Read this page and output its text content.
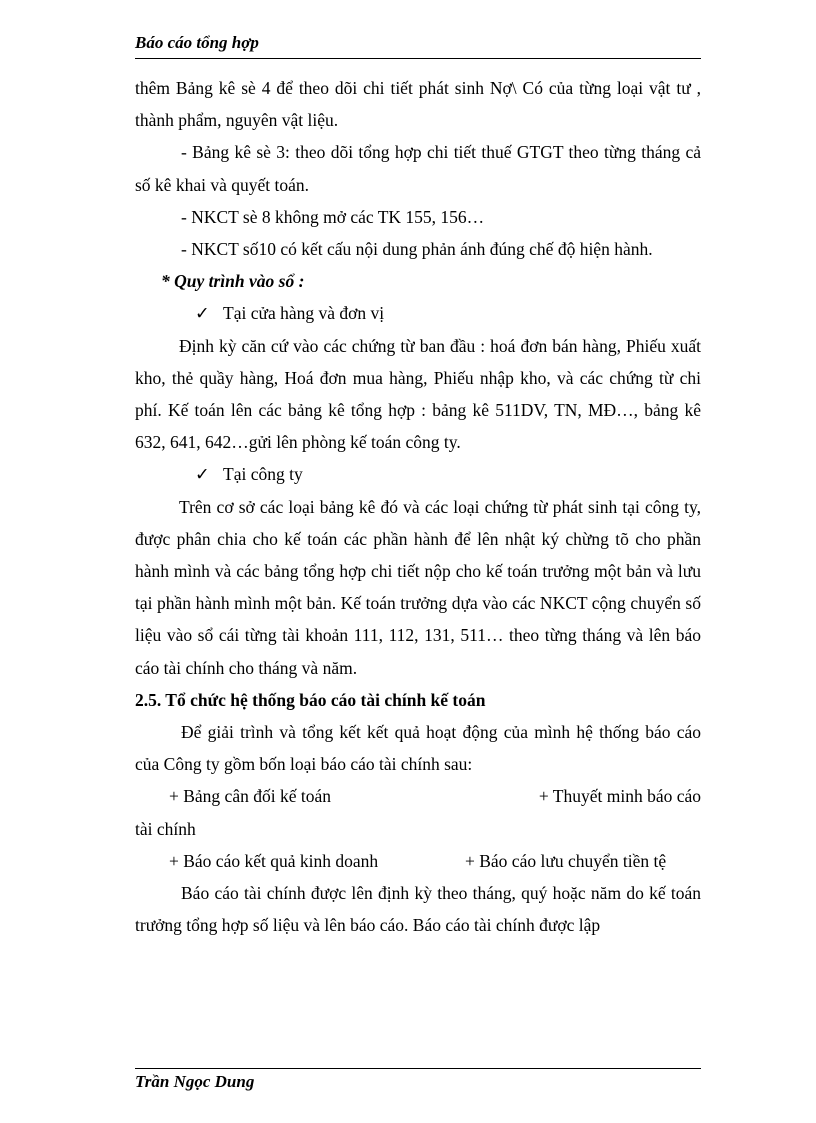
Báo cáo tổng hợp

thêm Bảng kê sè 4 để theo dõi chi tiết phát sinh Nợ\ Có của từng loại vật tư , thành phẩm, nguyên vật liệu.

- Bảng kê sè 3: theo dõi tổng hợp chi tiết thuế GTGT theo từng tháng cả số kê khai và quyết toán.

- NKCT sè 8 không mở các TK 155, 156…

- NKCT số10 có kết cấu nội dung phản ánh đúng chế độ hiện hành.

* Quy trình vào sổ :

✓ Tại cửa hàng và đơn vị

Định kỳ căn cứ vào các chứng từ ban đầu : hoá đơn bán hàng, Phiếu xuất kho, thẻ quầy hàng, Hoá đơn mua hàng, Phiếu nhập kho, và các chứng từ chi phí. Kế toán lên các bảng kê tổng hợp : bảng kê 511DV, TN, MĐ…, bảng kê 632, 641, 642…gửi lên phòng kế toán công ty.

✓ Tại công ty

Trên cơ sở các loại bảng kê đó và các loại chứng từ phát sinh tại công ty, được phân chia cho kế toán các phần hành để lên nhật ký chừng tõ cho phần hành mình và các bảng tổng hợp chi tiết nộp cho kế toán trưởng một bản và lưu tại phần hành mình một bản. Kế toán trưởng dựa vào các NKCT cộng chuyển số liệu vào sổ cái từng tài khoản 111, 112, 131, 511… theo từng tháng và lên báo cáo tài chính cho tháng và năm.

2.5. Tổ chức hệ thống báo cáo tài chính kế toán

Để giải trình và tổng kết kết quả hoạt động của mình hệ thống báo cáo của Công ty gồm bốn loại báo cáo tài chính sau:

+ Bảng cân đối kế toán	+ Thuyết minh báo cáo

tài chính

+ Báo cáo kết quả kinh doanh	+ Báo cáo lưu chuyển tiền tệ

Báo cáo tài chính được lên định kỳ theo tháng, quý hoặc năm do kế toán trưởng tổng hợp số liệu và lên báo cáo. Báo cáo tài chính được lập

Trần Ngọc Dung
